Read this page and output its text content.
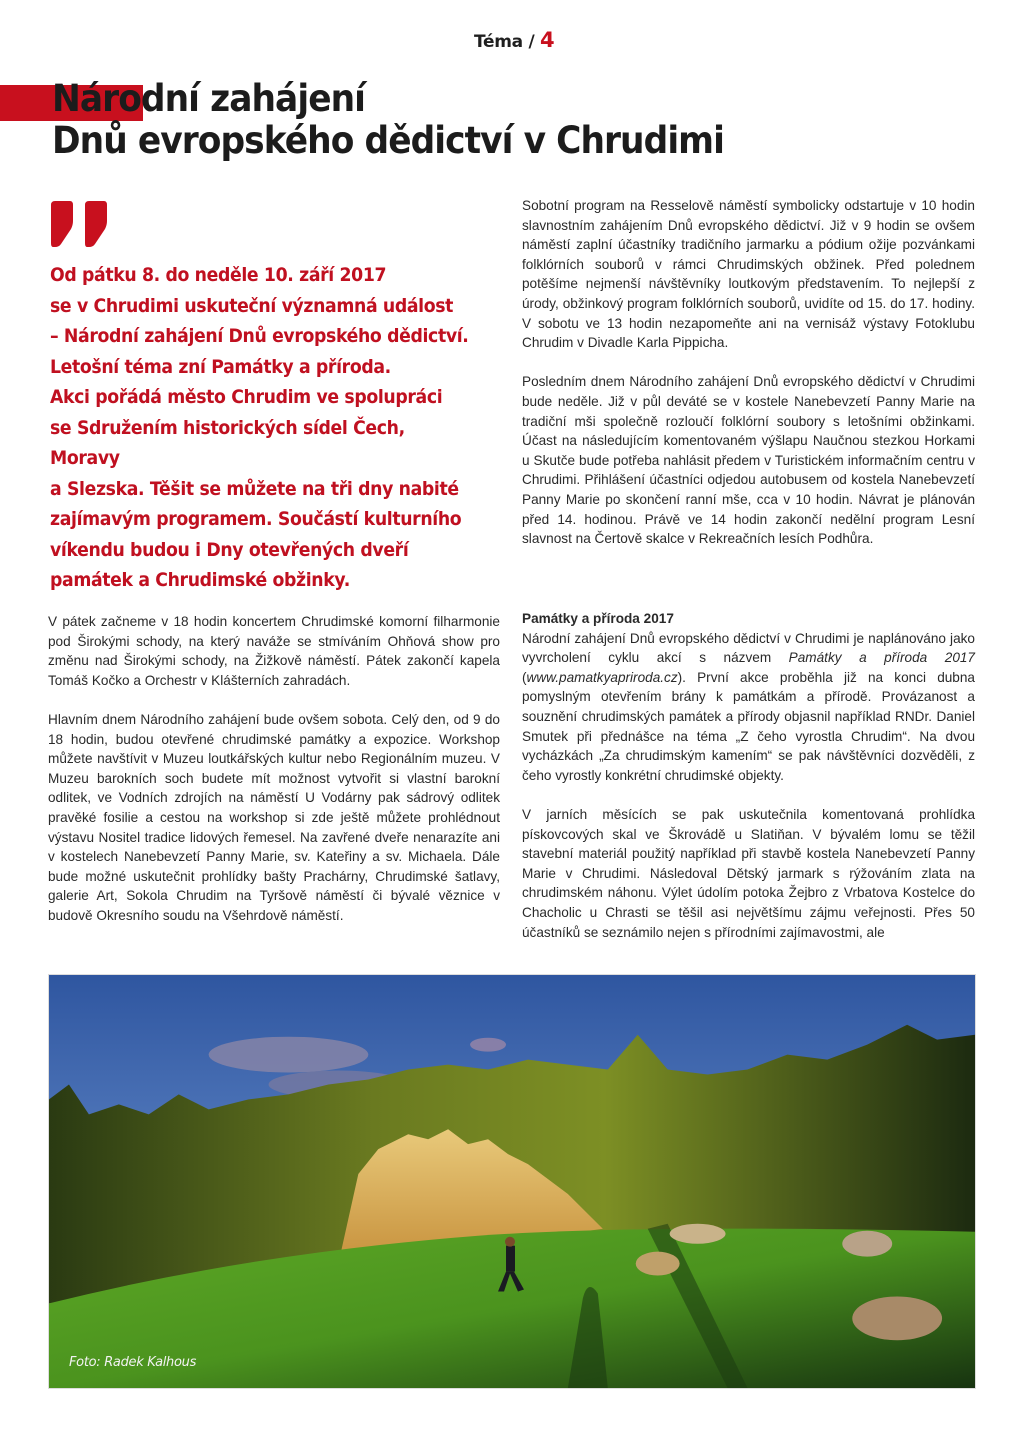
Téma / 4
Národní zahájení
Dnů evropského dědictví v Chrudimi

Od pátku 8. do neděle 10. září 2017
se v Chrudimi uskuteční významná událost
– Národní zahájení Dnů evropského dědictví.
Letošní téma zní Památky a příroda.
Akci pořádá město Chrudim ve spolupráci
se Sdružením historických sídel Čech, Moravy
a Slezska. Těšit se můžete na tři dny nabité
zajímavým programem. Součástí kulturního
víkendu budou i Dny otevřených dveří
památek a Chrudimské obžinky.

Sobotní program na Resselově náměstí symbolicky odstartuje v 10 hodin slavnostním zahájením Dnů evropského dědictví. Již v 9 hodin se ovšem náměstí zaplní účastníky tradičního jarmarku a pódium ožije pozvánkami folklórních souborů v rámci Chrudimských obžinek. Před polednem potěšíme nejmenší návštěvníky loutkovým představením. To nejlepší z úrody, obžinkový program folklórních souborů, uvidíte od 15. do 17. hodiny. V sobotu ve 13 hodin nezapomeňte ani na vernisáž výstavy Fotoklubu Chrudim v Divadle Karla Pippicha.

Posledním dnem Národního zahájení Dnů evropského dědictví v Chrudimi bude neděle. Již v půl deváté se v kostele Nanebevzetí Panny Marie na tradiční mši společně rozloučí folklórní soubory s letošními obžinkami. Účast na následujícím komentovaném výšlapu Naučnou stezkou Horkami u Skutče bude potřeba nahlásit předem v Turistickém informačním centru v Chrudimi. Přihlášení účastníci odjedou autobusem od kostela Nanebevzetí Panny Marie po skončení ranní mše, cca v 10 hodin. Návrat je plánován před 14. hodinou. Právě ve 14 hodin zakončí nedělní program Lesní slavnost na Čertově skalce v Rekreačních lesích Podhůra.

V pátek začneme v 18 hodin koncertem Chrudimské komorní filharmonie pod Širokými schody, na který naváže se stmíváním Ohňová show pro změnu nad Širokými schody, na Žižkově náměstí. Pátek zakončí kapela Tomáš Kočko a Orchestr v Klášterních zahradách.

Hlavním dnem Národního zahájení bude ovšem sobota. Celý den, od 9 do 18 hodin, budou otevřené chrudimské památky a expozice. Workshop můžete navštívit v Muzeu loutkářských kultur nebo Regionálním muzeu. V Muzeu barokních soch budete mít možnost vytvořit si vlastní barokní odlitek, ve Vodních zdrojích na náměstí U Vodárny pak sádrový odlitek pravěké fosilie a cestou na workshop si zde ještě můžete prohlédnout výstavu Nositel tradice lidových řemesel. Na zavřené dveře nenarazíte ani v kostelech Nanebevzetí Panny Marie, sv. Kateřiny a sv. Michaela. Dále bude možné uskutečnit prohlídky bašty Prachárny, Chrudimské šatlavy, galerie Art, Sokola Chrudim na Tyršově náměstí či bývalé věznice v budově Okresního soudu na Všehrdově náměstí.

Památky a příroda 2017

Národní zahájení Dnů evropského dědictví v Chrudimi je naplánováno jako vyvrcholení cyklu akcí s názvem Památky a příroda 2017 (www.pamatkyapriroda.cz). První akce proběhla již na konci dubna pomyslným otevřením brány k památkám a přírodě. Provázanost a souznění chrudimských památek a přírody objasnil například RNDr. Daniel Smutek při přednášce na téma „Z čeho vyrostla Chrudim“. Na dvou vycházkách „Za chrudimským kamením“ se pak návštěvníci dozvěděli, z čeho vyrostly konkrétní chrudimské objekty.

V jarních měsících se pak uskutečnila komentovaná prohlídka pískovcových skal ve Škrovádě u Slatiňan. V bývalém lomu se těžil stavební materiál použitý například při stavbě kostela Nanebevzetí Panny Marie v Chrudimi. Následoval Dětský jarmark s rýžováním zlata na chrudimském náhonu. Výlet údolím potoka Žejbro z Vrbatova Kostelce do Chacholic u Chrasti se těšil asi největšímu zájmu veřejnosti. Přes 50 účastníků se seznámilo nejen s přírodními zajímavostmi, ale

Foto: Radek Kalhous
